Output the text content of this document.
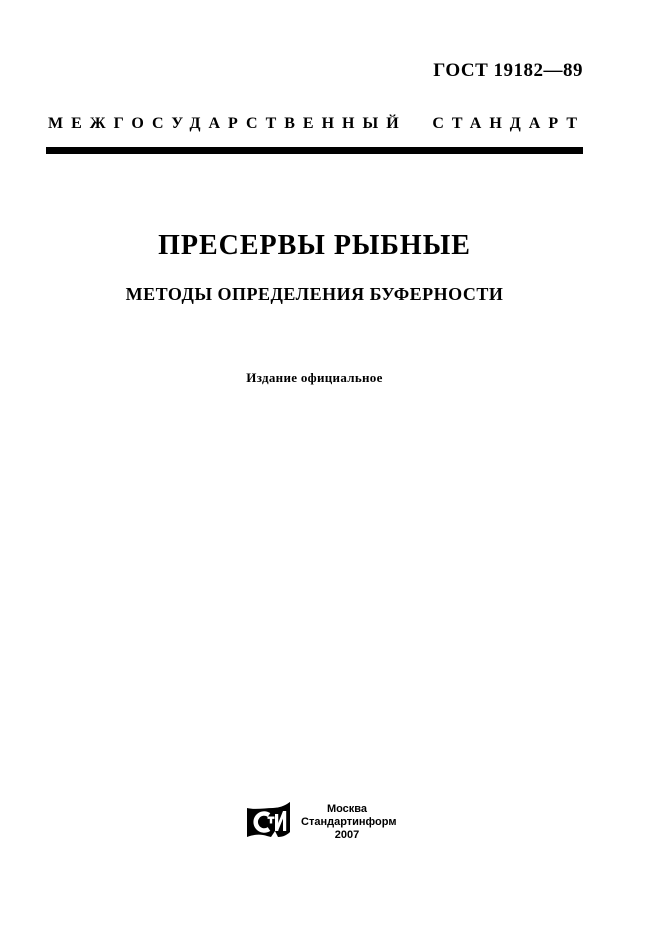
ГОСТ 19182—89
МЕЖГОСУДАРСТВЕННЫЙ СТАНДАРТ
ПРЕСЕРВЫ РЫБНЫЕ
МЕТОДЫ ОПРЕДЕЛЕНИЯ БУФЕРНОСТИ
Издание официальное
Москва
Стандартинформ
2007
